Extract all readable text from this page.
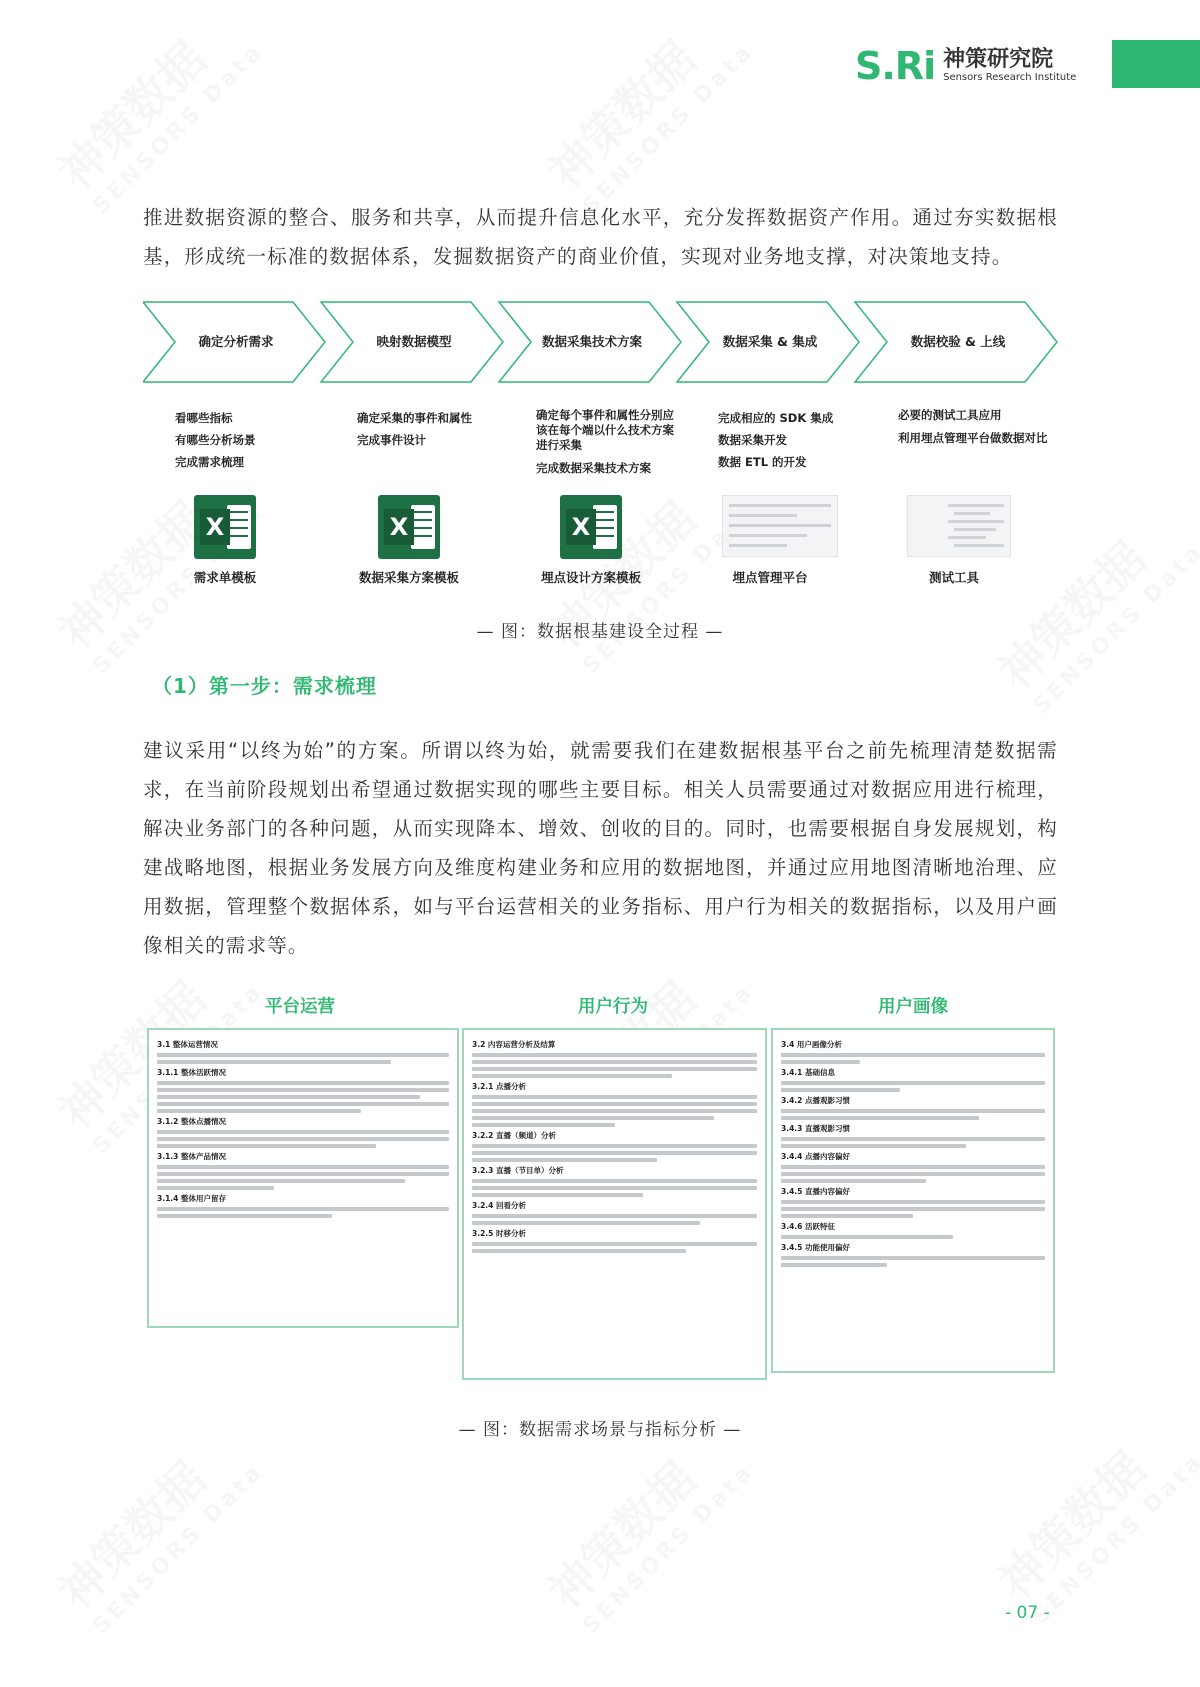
S.Ri 神策研究院
Sensors Research Institute

推进数据资源的整合、服务和共享，从而提升信息化水平，充分发挥数据资产作用。通过夯实数据根基，形成统一标准的数据体系，发掘数据资产的商业价值，实现对业务地支撑，对决策地支持。

确定分析需求	映射数据模型	数据采集技术方案	数据采集 & 集成	数据校验 & 上线
看哪些指标
有哪些分析场景
完成需求梳理
确定采集的事件和属性
完成事件设计
确定每个事件和属性分别应该在每个端以什么技术方案进行采集
完成数据采集技术方案
完成相应的 SDK 集成
数据采集开发
数据 ETL 的开发
必要的测试工具应用
利用埋点管理平台做数据对比
X	X	X
需求单模板	数据采集方案模板	埋点设计方案模板	埋点管理平台	测试工具
— 图：数据根基建设全过程 —
（1）第一步：需求梳理

建议采用“以终为始”的方案。所谓以终为始，就需要我们在建数据根基平台之前先梳理清楚数据需求，在当前阶段规划出希望通过数据实现的哪些主要目标。相关人员需要通过对数据应用进行梳理，解决业务部门的各种问题，从而实现降本、增效、创收的目的。同时，也需要根据自身发展规划，构建战略地图，根据业务发展方向及维度构建业务和应用的数据地图，并通过应用地图清晰地治理、应用数据，管理整个数据体系，如与平台运营相关的业务指标、用户行为相关的数据指标，以及用户画像相关的需求等。

平台运营	用户行为	用户画像
3.1 整体运营情况
3.1.1 整体活跃情况
3.1.2 整体点播情况
3.1.3 整体产品情况
3.1.4 整体用户留存
3.2 内容运营分析及结算
3.2.1 点播分析
3.2.2 直播（频道）分析
3.2.3 直播（节目单）分析
3.2.4 回看分析
3.2.5 时移分析
3.4 用户画像分析
3.4.1 基础信息
3.4.2 点播观影习惯
3.4.3 直播观影习惯
3.4.4 点播内容偏好
3.4.5 直播内容偏好
3.4.6 活跃特征
3.4.5 功能使用偏好
— 图：数据需求场景与指标分析 —
- 07 -
